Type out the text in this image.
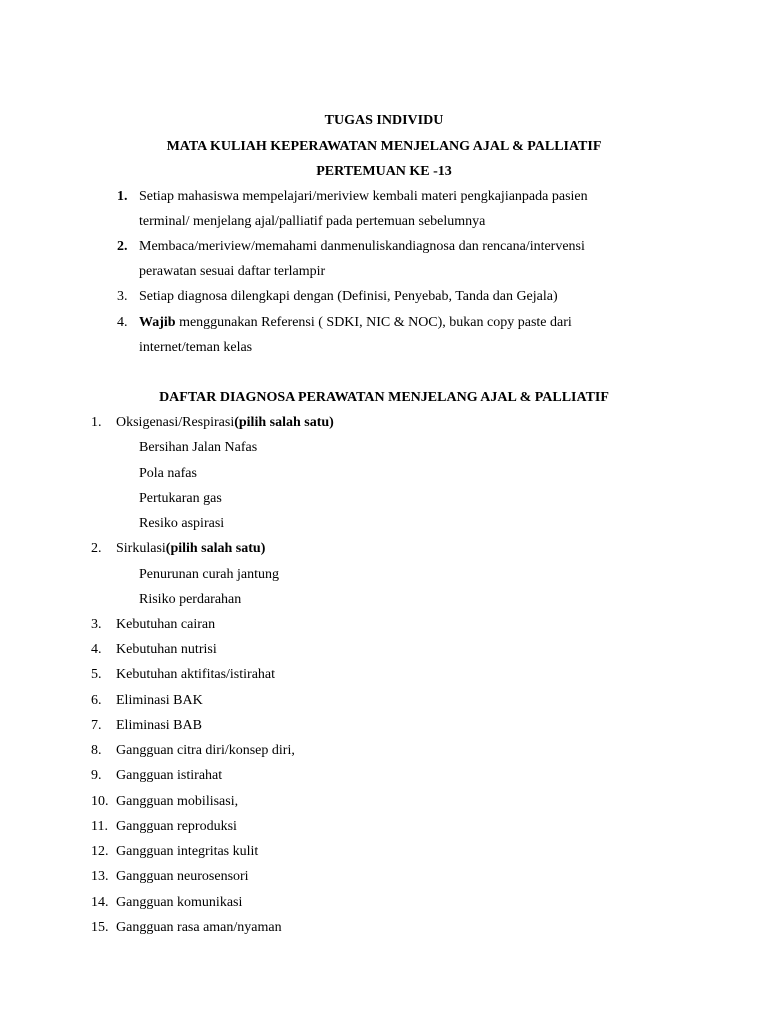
TUGAS INDIVIDU
MATA KULIAH KEPERAWATAN MENJELANG AJAL & PALLIATIF
PERTEMUAN KE -13
1. Setiap mahasiswa mempelajari/meriview kembali materi pengkajianpada pasien
terminal/ menjelang ajal/palliatif pada pertemuan sebelumnya
2. Membaca/meriview/memahami danmenuliskandiagnosa dan rencana/intervensi
perawatan sesuai daftar terlampir
3. Setiap diagnosa dilengkapi dengan (Definisi, Penyebab, Tanda dan Gejala)
4. Wajib menggunakan Referensi ( SDKI, NIC & NOC), bukan copy paste dari
internet/teman kelas
DAFTAR DIAGNOSA PERAWATAN MENJELANG AJAL & PALLIATIF
1. Oksigenasi/Respirasi(pilih salah satu)
Bersihan Jalan Nafas
Pola nafas
Pertukaran gas
Resiko aspirasi
2. Sirkulasi(pilih salah satu)
Penurunan curah jantung
Risiko perdarahan
3. Kebutuhan cairan
4. Kebutuhan nutrisi
5. Kebutuhan aktifitas/istirahat
6. Eliminasi BAK
7. Eliminasi BAB
8. Gangguan citra diri/konsep diri,
9. Gangguan istirahat
10. Gangguan mobilisasi,
11. Gangguan reproduksi
12. Gangguan integritas kulit
13. Gangguan neurosensori
14. Gangguan komunikasi
15. Gangguan rasa aman/nyaman
